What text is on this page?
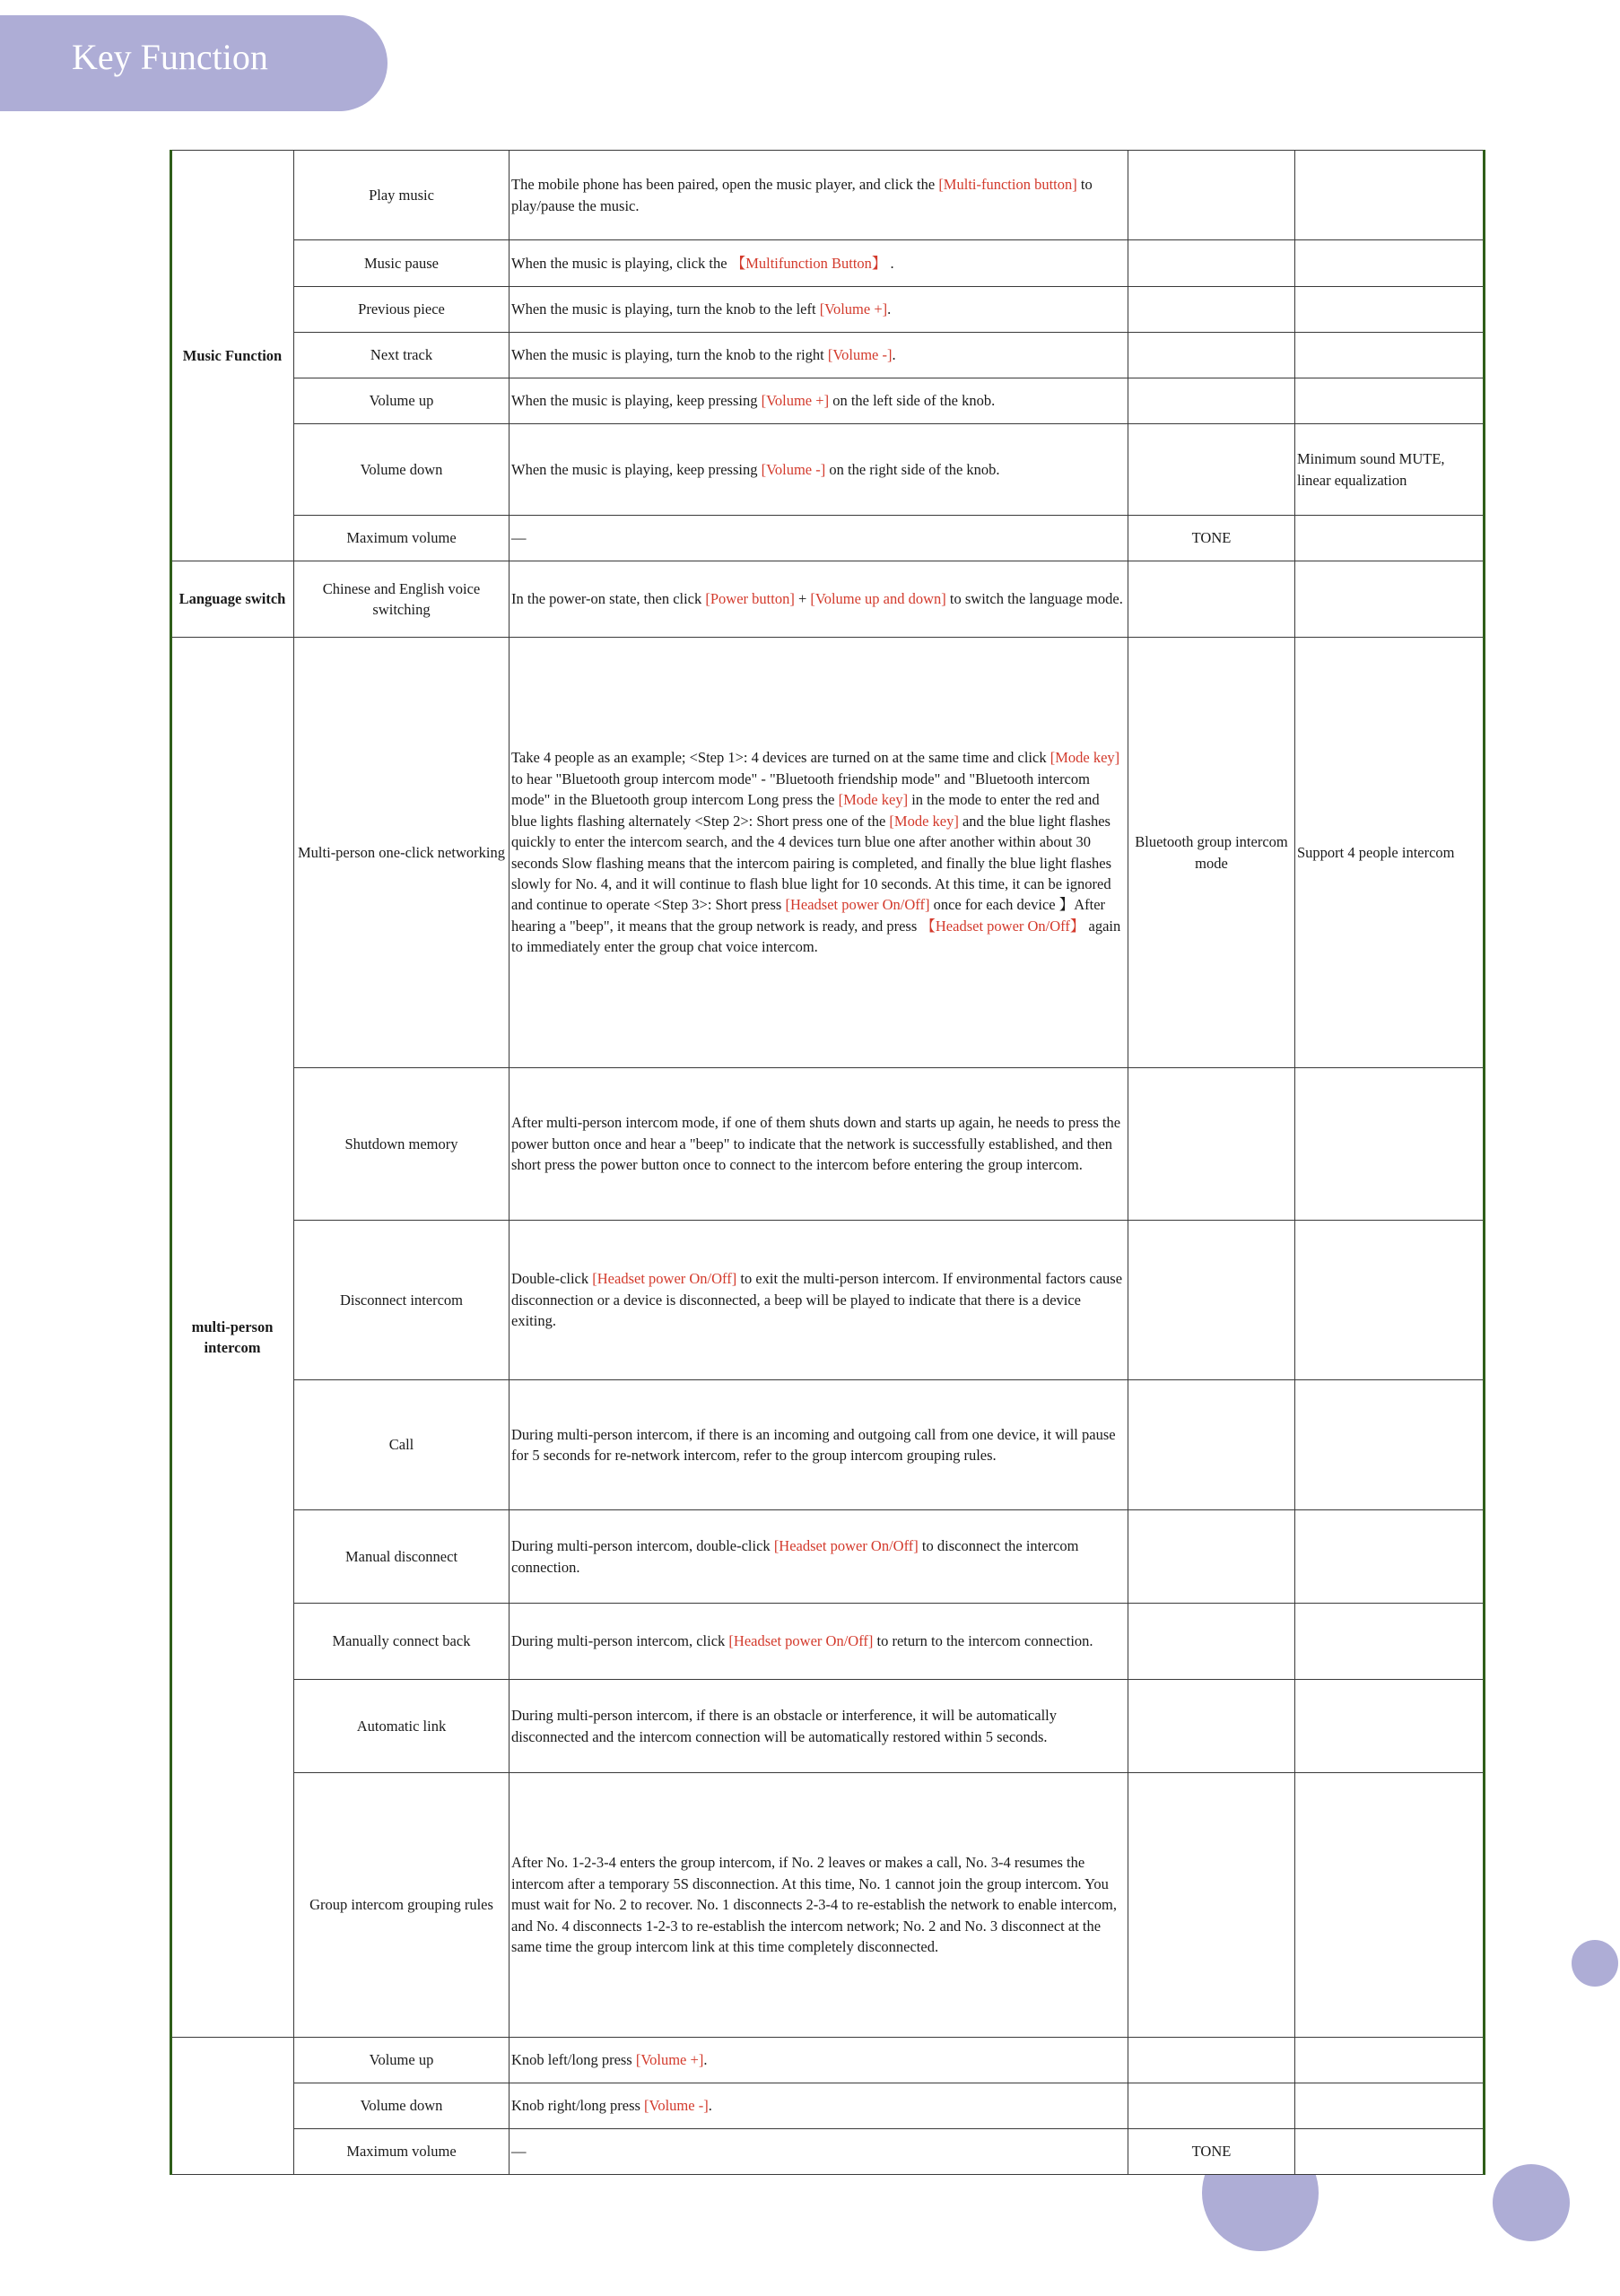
Key Function
Music Function	Play music	The mobile phone has been paired, open the music player, and click the [Multi-function button] to play/pause the music.		
	Music pause	When the music is playing, click the 【Multifunction Button】 .		
	Previous piece	When the music is playing, turn the knob to the left [Volume +].		
	Next track	When the music is playing, turn the knob to the right [Volume -].		
	Volume up	When the music is playing, keep pressing [Volume +] on the left side of the knob.		
	Volume down	When the music is playing, keep pressing [Volume -] on the right side of the knob.		Minimum sound MUTE, linear equalization
	Maximum volume	—	TONE	
Language switch	Chinese and English voice switching	In the power-on state, then click [Power button] + [Volume up and down] to switch the language mode.		
multi-person intercom	Multi-person one-click networking	Take 4 people as an example; <Step 1>: 4 devices are turned on at the same time and click [Mode key] to hear "Bluetooth group intercom mode" - "Bluetooth friendship mode" and "Bluetooth intercom mode" in the Bluetooth group intercom Long press the [Mode key] in the mode to enter the red and blue lights flashing alternately <Step 2>: Short press one of the [Mode key] and the blue light flashes quickly to enter the intercom search, and the 4 devices turn blue one after another within about 30 seconds Slow flashing means that the intercom pairing is completed, and finally the blue light flashes slowly for No. 4, and it will continue to flash blue light for 10 seconds. At this time, it can be ignored and continue to operate <Step 3>: Short press [Headset power On/Off] once for each device 】After hearing a "beep", it means that the group network is ready, and press 【Headset power On/Off】 again to immediately enter the group chat voice intercom.	Bluetooth group intercom mode	Support 4 people intercom
	Shutdown memory	After multi-person intercom mode, if one of them shuts down and starts up again, he needs to press the power button once and hear a "beep" to indicate that the network is successfully established, and then short press the power button once to connect to the intercom before entering the group intercom.		
	Disconnect intercom	Double-click [Headset power On/Off] to exit the multi-person intercom. If environmental factors cause disconnection or a device is disconnected, a beep will be played to indicate that there is a device exiting.		
	Call	During multi-person intercom, if there is an incoming and outgoing call from one device, it will pause for 5 seconds for re-network intercom, refer to the group intercom grouping rules.		
	Manual disconnect	During multi-person intercom, double-click [Headset power On/Off] to disconnect the intercom connection.		
	Manually connect back	During multi-person intercom, click [Headset power On/Off] to return to the intercom connection.		
	Automatic link	During multi-person intercom, if there is an obstacle or interference, it will be automatically disconnected and the intercom connection will be automatically restored within 5 seconds.		
	Group intercom grouping rules	After No. 1-2-3-4 enters the group intercom, if No. 2 leaves or makes a call, No. 3-4 resumes the intercom after a temporary 5S disconnection. At this time, No. 1 cannot join the group intercom. You must wait for No. 2 to recover. No. 1 disconnects 2-3-4 to re-establish the network to enable intercom, and No. 4 disconnects 1-2-3 to re-establish the intercom network; No. 2 and No. 3 disconnect at the same time the group intercom link at this time completely disconnected.		
	Volume up	Knob left/long press [Volume +].		
	Volume down	Knob right/long press [Volume -].		
	Maximum volume	—	TONE	
